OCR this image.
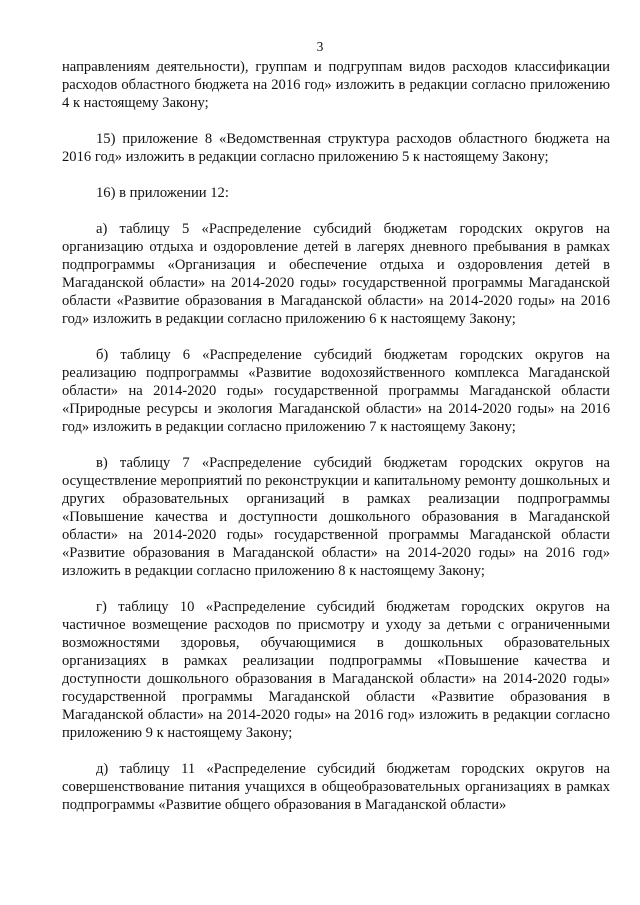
3

направлениям деятельности), группам и подгруппам видов расходов классификации расходов областного бюджета на 2016 год» изложить в редакции согласно приложению 4 к настоящему Закону;

15) приложение 8 «Ведомственная структура расходов областного бюджета на 2016 год» изложить в редакции согласно приложению 5 к настоящему Закону;

16) в приложении 12:

а) таблицу 5 «Распределение субсидий бюджетам городских округов на организацию отдыха и оздоровление детей в лагерях дневного пребывания в рамках подпрограммы «Организация и обеспечение отдыха и оздоровления детей в Магаданской области» на 2014-2020 годы» государственной программы Магаданской области «Развитие образования в Магаданской области» на 2014-2020 годы» на 2016 год» изложить в редакции согласно приложению 6 к настоящему Закону;

б) таблицу 6 «Распределение субсидий бюджетам городских округов на реализацию подпрограммы «Развитие водохозяйственного комплекса Магаданской области» на 2014-2020 годы» государственной программы Магаданской области «Природные ресурсы и экология Магаданской области» на 2014-2020 годы» на 2016 год» изложить в редакции согласно приложению 7 к настоящему Закону;

в) таблицу 7 «Распределение субсидий бюджетам городских округов на осуществление мероприятий по реконструкции и капитальному ремонту дошкольных и других образовательных организаций в рамках реализации подпрограммы «Повышение качества и доступности дошкольного образования в Магаданской области» на 2014-2020 годы» государственной программы Магаданской области «Развитие образования в Магаданской области» на 2014-2020 годы» на 2016 год» изложить в редакции согласно приложению 8 к настоящему Закону;

г) таблицу 10 «Распределение субсидий бюджетам городских округов на частичное возмещение расходов по присмотру и уходу за детьми с ограниченными возможностями здоровья, обучающимися в дошкольных образовательных организациях в рамках реализации подпрограммы «Повышение качества и доступности дошкольного образования в Магаданской области» на 2014-2020 годы» государственной программы Магаданской области «Развитие образования в Магаданской области» на 2014-2020 годы» на 2016 год» изложить в редакции согласно приложению 9 к настоящему Закону;

д) таблицу 11 «Распределение субсидий бюджетам городских округов на совершенствование питания учащихся в общеобразовательных организациях в рамках подпрограммы «Развитие общего образования в Магаданской области»
